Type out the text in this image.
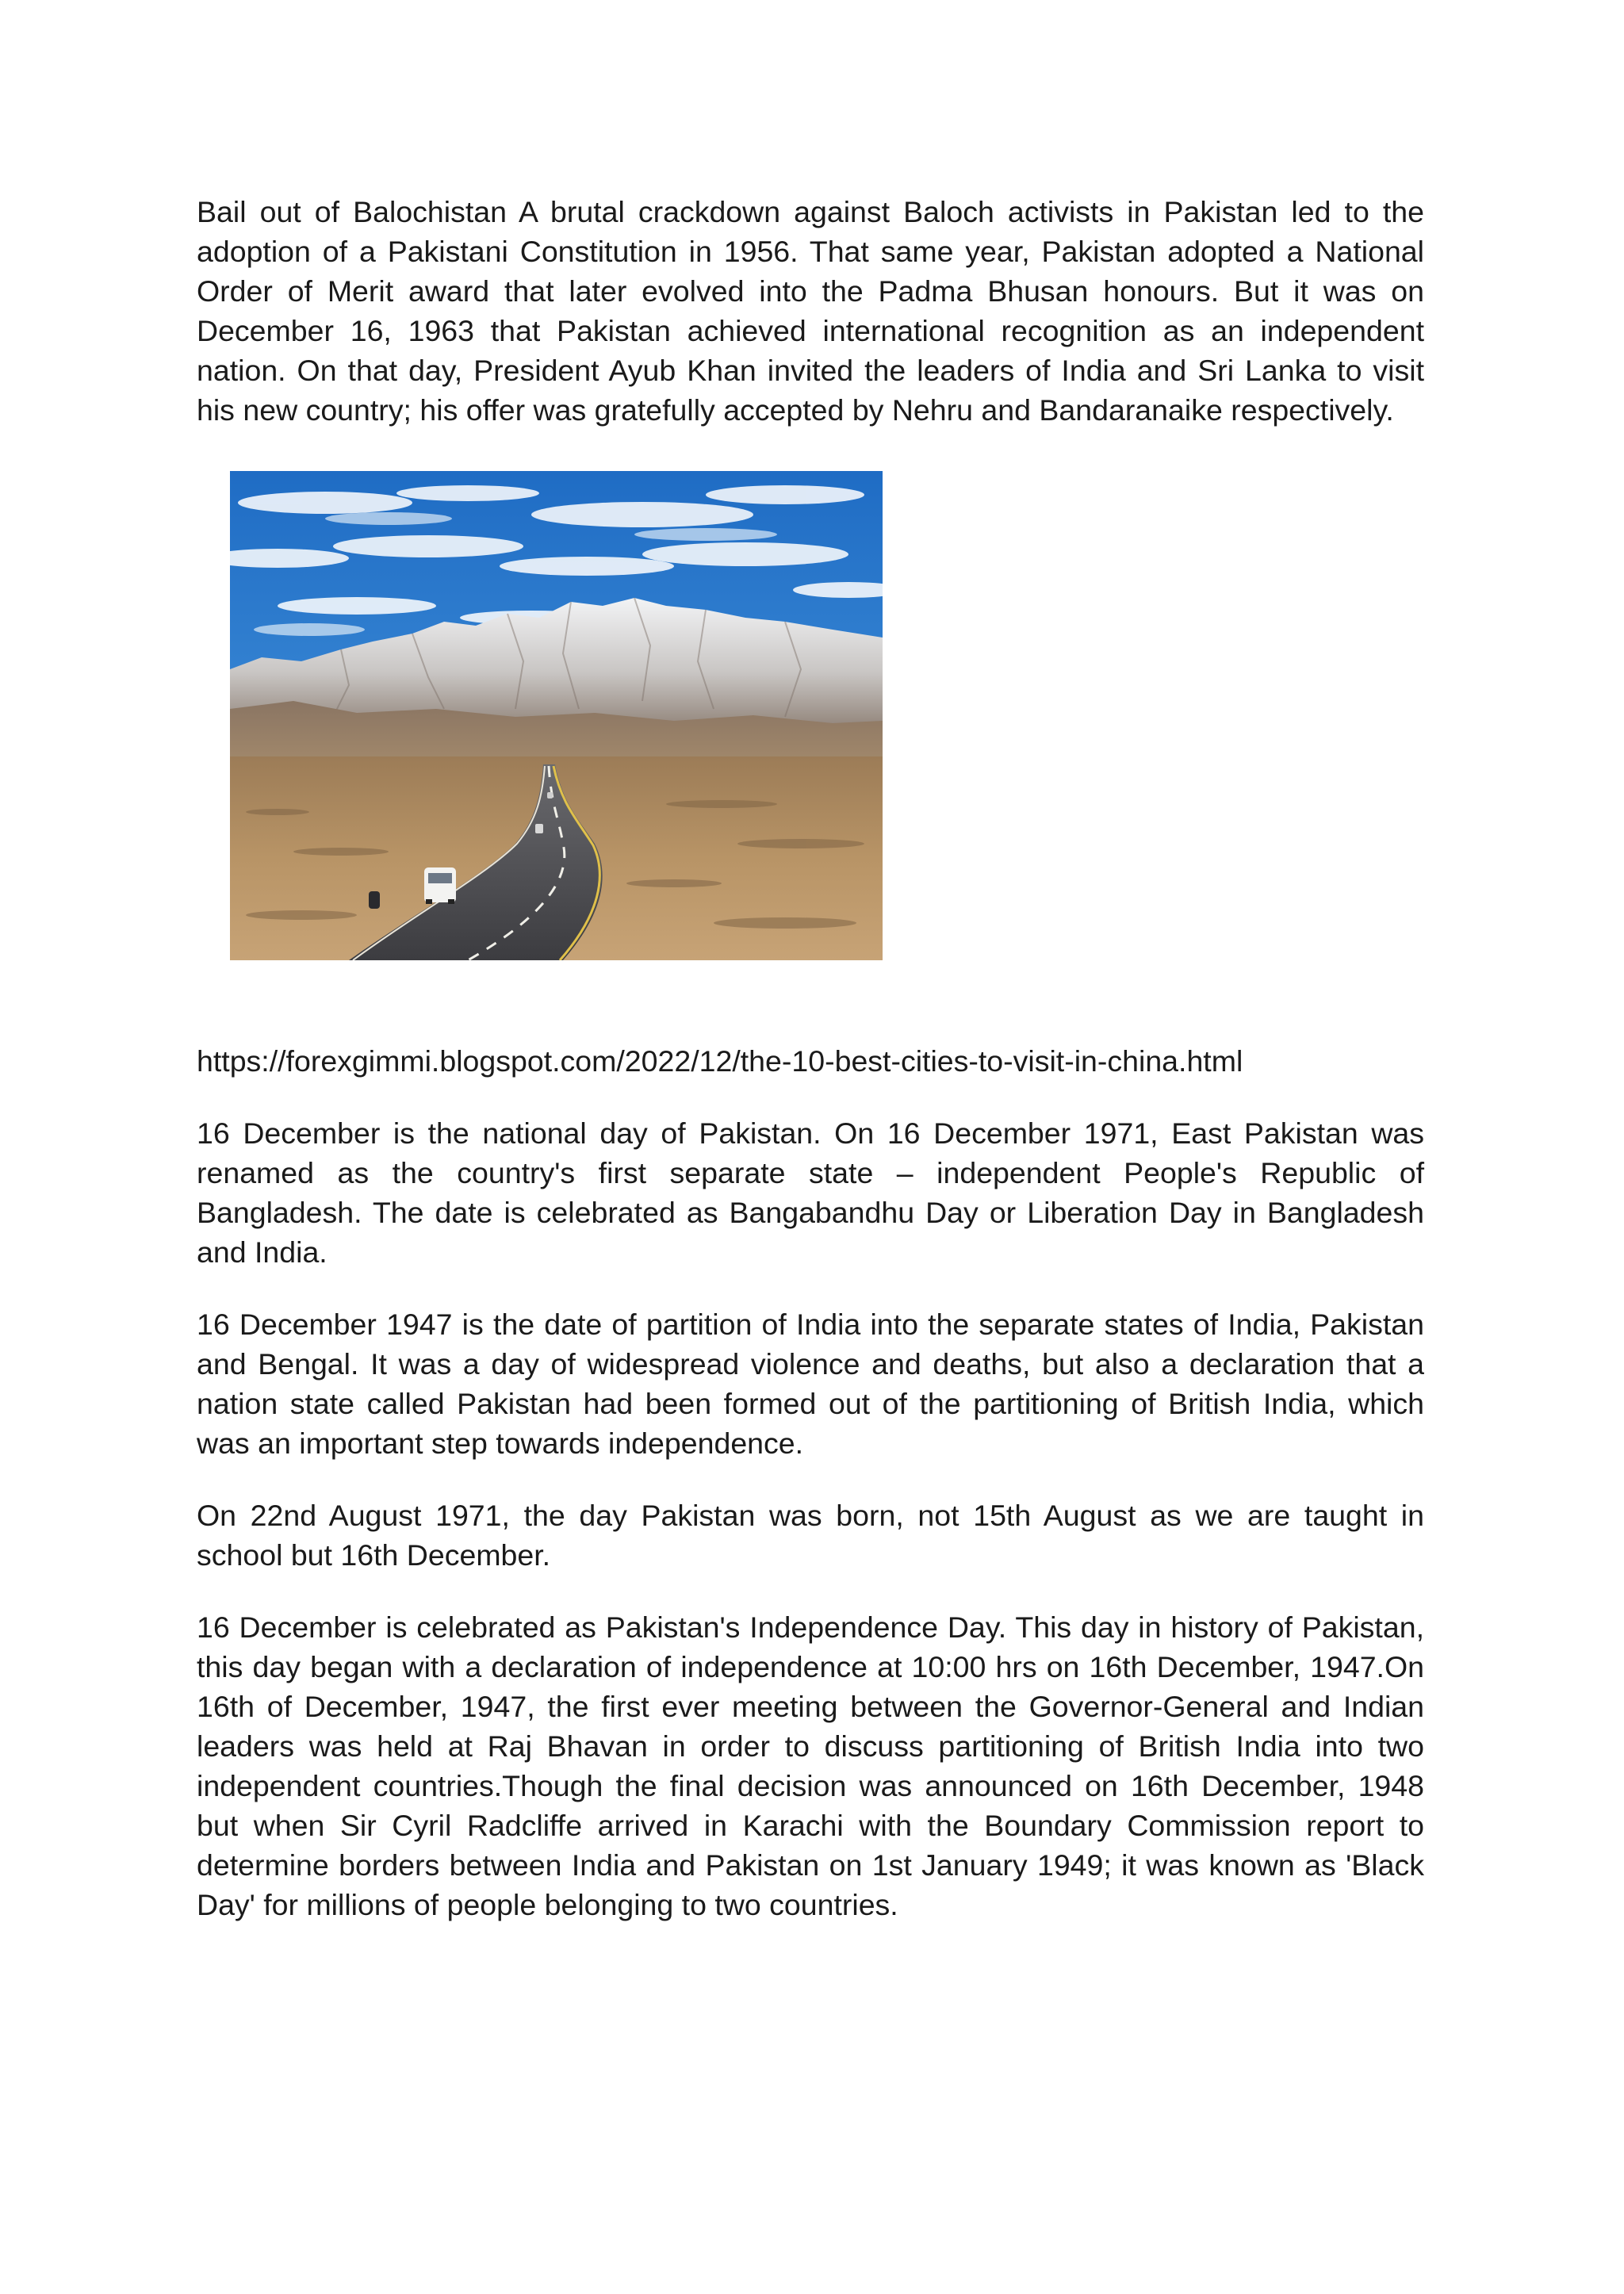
Bail out of Balochistan A brutal crackdown against Baloch activists in Pakistan led to the adoption of a Pakistani Constitution in 1956. That same year, Pakistan adopted a National Order of Merit award that later evolved into the Padma Bhusan honours. But it was on December 16, 1963 that Pakistan achieved international recognition as an independent nation. On that day, President Ayub Khan invited the leaders of India and Sri Lanka to visit his new country; his offer was gratefully accepted by Nehru and Bandaranaike respectively.

https://forexgimmi.blogspot.com/2022/12/the-10-best-cities-to-visit-in-china.html

16 December is the national day of Pakistan. On 16 December 1971, East Pakistan was renamed as the country's first separate state – independent People's Republic of Bangladesh. The date is celebrated as Bangabandhu Day or Liberation Day in Bangladesh and India.

16 December 1947 is the date of partition of India into the separate states of India, Pakistan and Bengal. It was a day of widespread violence and deaths, but also a declaration that a nation state called Pakistan had been formed out of the partitioning of British India, which was an important step towards independence.

On 22nd August 1971, the day Pakistan was born, not 15th August as we are taught in school but 16th December.

16 December is celebrated as Pakistan's Independence Day. This day in history of Pakistan, this day began with a declaration of independence at 10:00 hrs on 16th December, 1947.On 16th of December, 1947, the first ever meeting between the Governor-General and Indian leaders was held at Raj Bhavan in order to discuss partitioning of British India into two independent countries.Though the final decision was announced on 16th December, 1948 but when Sir Cyril Radcliffe arrived in Karachi with the Boundary Commission report to determine borders between India and Pakistan on 1st January 1949; it was known as 'Black Day' for millions of people belonging to two countries.
